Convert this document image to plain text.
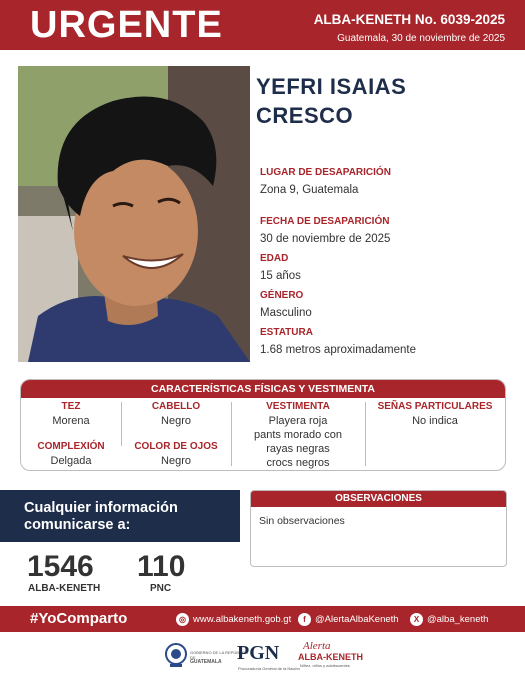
URGENTE	ALBA-KENETH No. 6039-2025
Guatemala, 30 de noviembre de 2025
YEFRI ISAIAS
CRESCO
LUGAR DE DESAPARICIÓN
Zona 9, Guatemala
FECHA DE DESAPARICIÓN
30 de noviembre de 2025
EDAD
15 años
GÉNERO
Masculino
ESTATURA
1.68 metros aproximadamente
CARACTERÍSTICAS FÍSICAS Y VESTIMENTA
TEZ
Morena
CABELLO
Negro
COMPLEXIÓN
Delgada
COLOR DE OJOS
Negro
VESTIMENTA
Playera roja
pants morado con
rayas negras
crocs negros
SEÑAS PARTICULARES
No indica
Cualquier información
comunicarse a:
1546
ALBA-KENETH
110
PNC
OBSERVACIONES
Sin observaciones
#YoComparto	◎ www.albakeneth.gob.gt	f @AlertaAlbaKeneth	X @alba_keneth
GOBIERNO DE LA REPÚBLICA DE
GUATEMALA PGN
Procuraduría General de la Nación
Alerta
ALBA-KENETH
Niñez, niños y adolescentes
